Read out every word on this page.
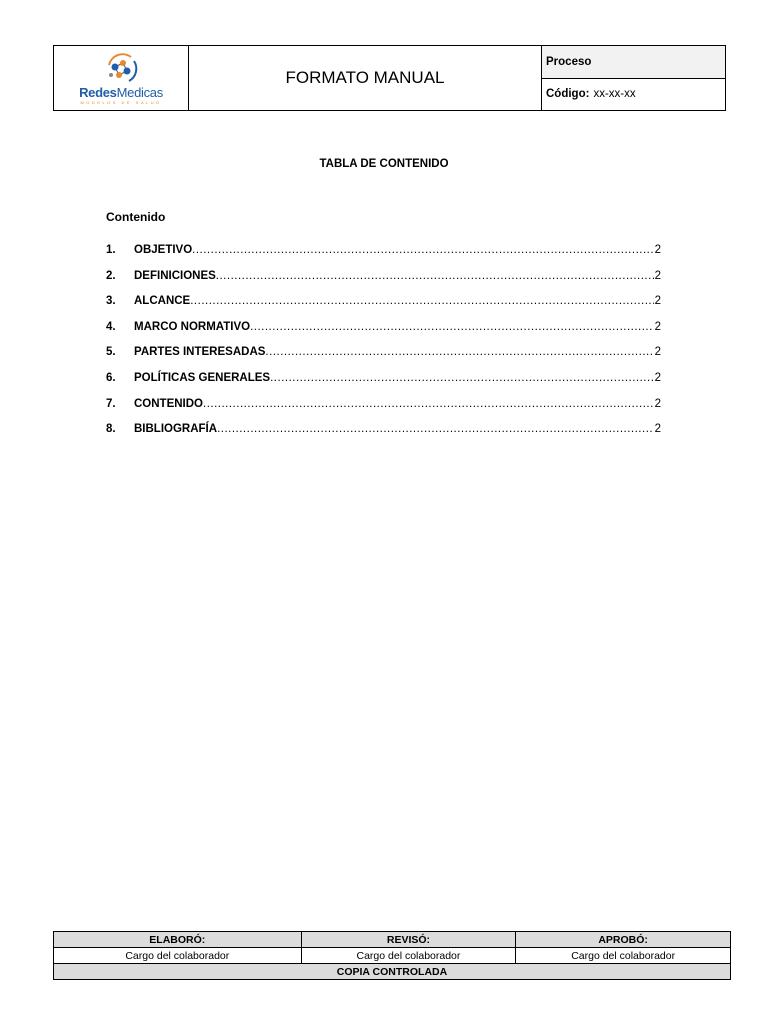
RedesMedicas
MODELOS DE SALUD
FORMATO MANUAL
Proceso
Código: xx-xx-xx
TABLA DE CONTENIDO
Contenido
1.	OBJETIVO .....	2
2.	DEFINICIONES .....	2
3.	ALCANCE .....	2
4.	MARCO NORMATIVO .....	2
5.	PARTES INTERESADAS .....	2
6.	POLÍTICAS GENERALES .....	2
7.	CONTENIDO .....	2
8.	BIBLIOGRAFÍA .....	2
ELABORÓ:	REVISÓ:	APROBÓ:
Cargo del colaborador	Cargo del colaborador	Cargo del colaborador
COPIA CONTROLADA		
